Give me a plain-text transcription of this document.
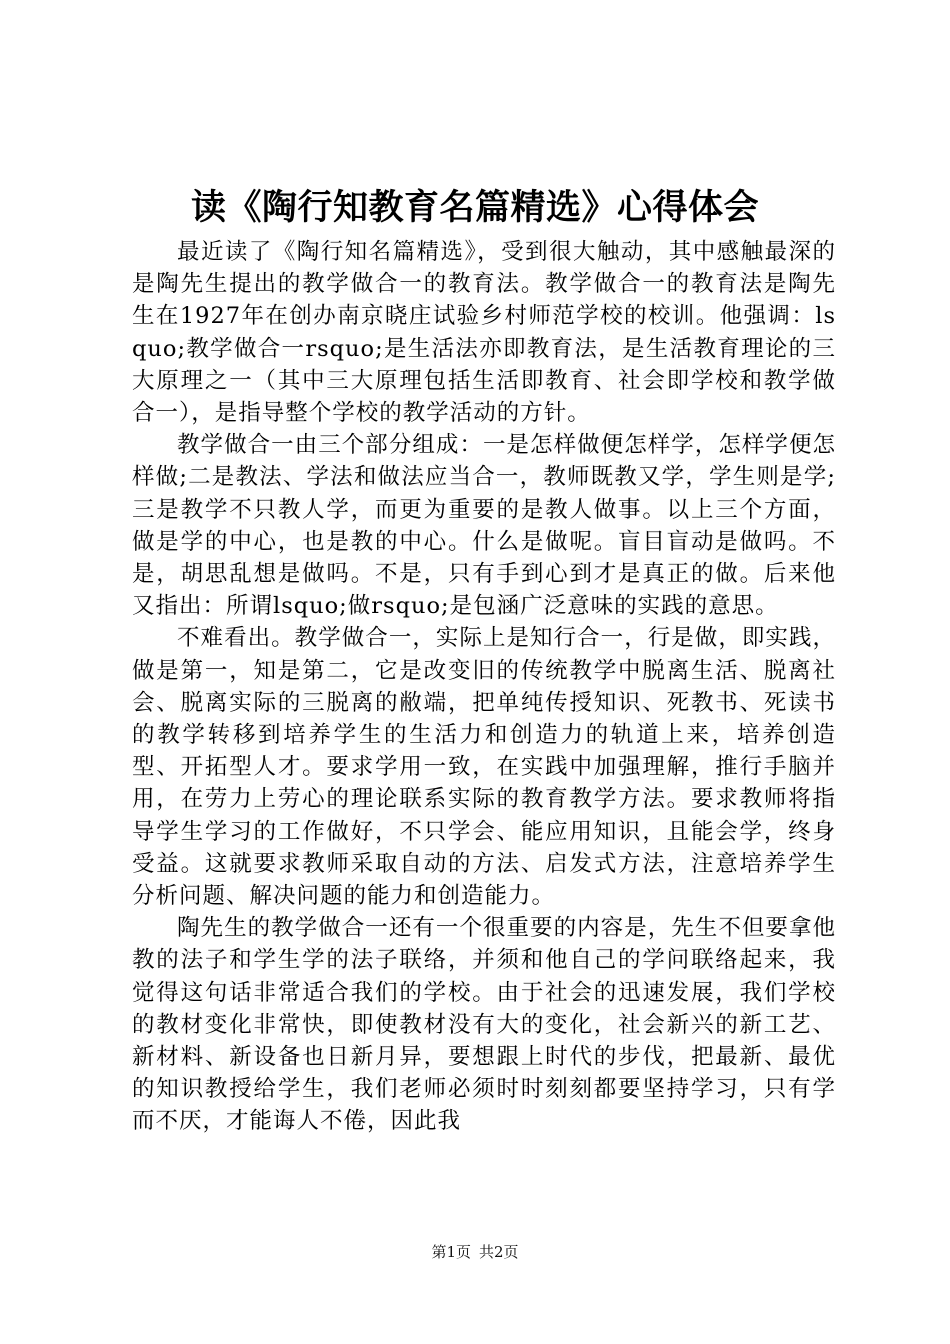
读《陶行知教育名篇精选》心得体会

最近读了《陶行知名篇精选》，受到很大触动，其中感触最深的是陶先生提出的教学做合一的教育法。教学做合一的教育法是陶先生在1927年在创办南京晓庄试验乡村师范学校的校训。他强调：lsquo;教学做合一rsquo;是生活法亦即教育法，是生活教育理论的三大原理之一（其中三大原理包括生活即教育、社会即学校和教学做合一），是指导整个学校的教学活动的方针。

教学做合一由三个部分组成：一是怎样做便怎样学，怎样学便怎样做;二是教法、学法和做法应当合一，教师既教又学，学生则是学;三是教学不只教人学，而更为重要的是教人做事。以上三个方面，做是学的中心，也是教的中心。什么是做呢。盲目盲动是做吗。不是，胡思乱想是做吗。不是，只有手到心到才是真正的做。后来他又指出：所谓lsquo;做rsquo;是包涵广泛意味的实践的意思。

不难看出。教学做合一，实际上是知行合一，行是做，即实践，做是第一，知是第二，它是改变旧的传统教学中脱离生活、脱离社会、脱离实际的三脱离的敝端，把单纯传授知识、死教书、死读书的教学转移到培养学生的生活力和创造力的轨道上来，培养创造型、开拓型人才。要求学用一致，在实践中加强理解，推行手脑并用，在劳力上劳心的理论联系实际的教育教学方法。要求教师将指导学生学习的工作做好，不只学会、能应用知识，且能会学，终身受益。这就要求教师采取自动的方法、启发式方法，注意培养学生分析问题、解决问题的能力和创造能力。

陶先生的教学做合一还有一个很重要的内容是，先生不但要拿他教的法子和学生学的法子联络，并须和他自己的学问联络起来，我觉得这句话非常适合我们的学校。由于社会的迅速发展，我们学校的教材变化非常快，即使教材没有大的变化，社会新兴的新工艺、新材料、新设备也日新月异，要想跟上时代的步伐，把最新、最优的知识教授给学生，我们老师必须时时刻刻都要坚持学习，只有学而不厌，才能诲人不倦，因此我

第1页 共2页
